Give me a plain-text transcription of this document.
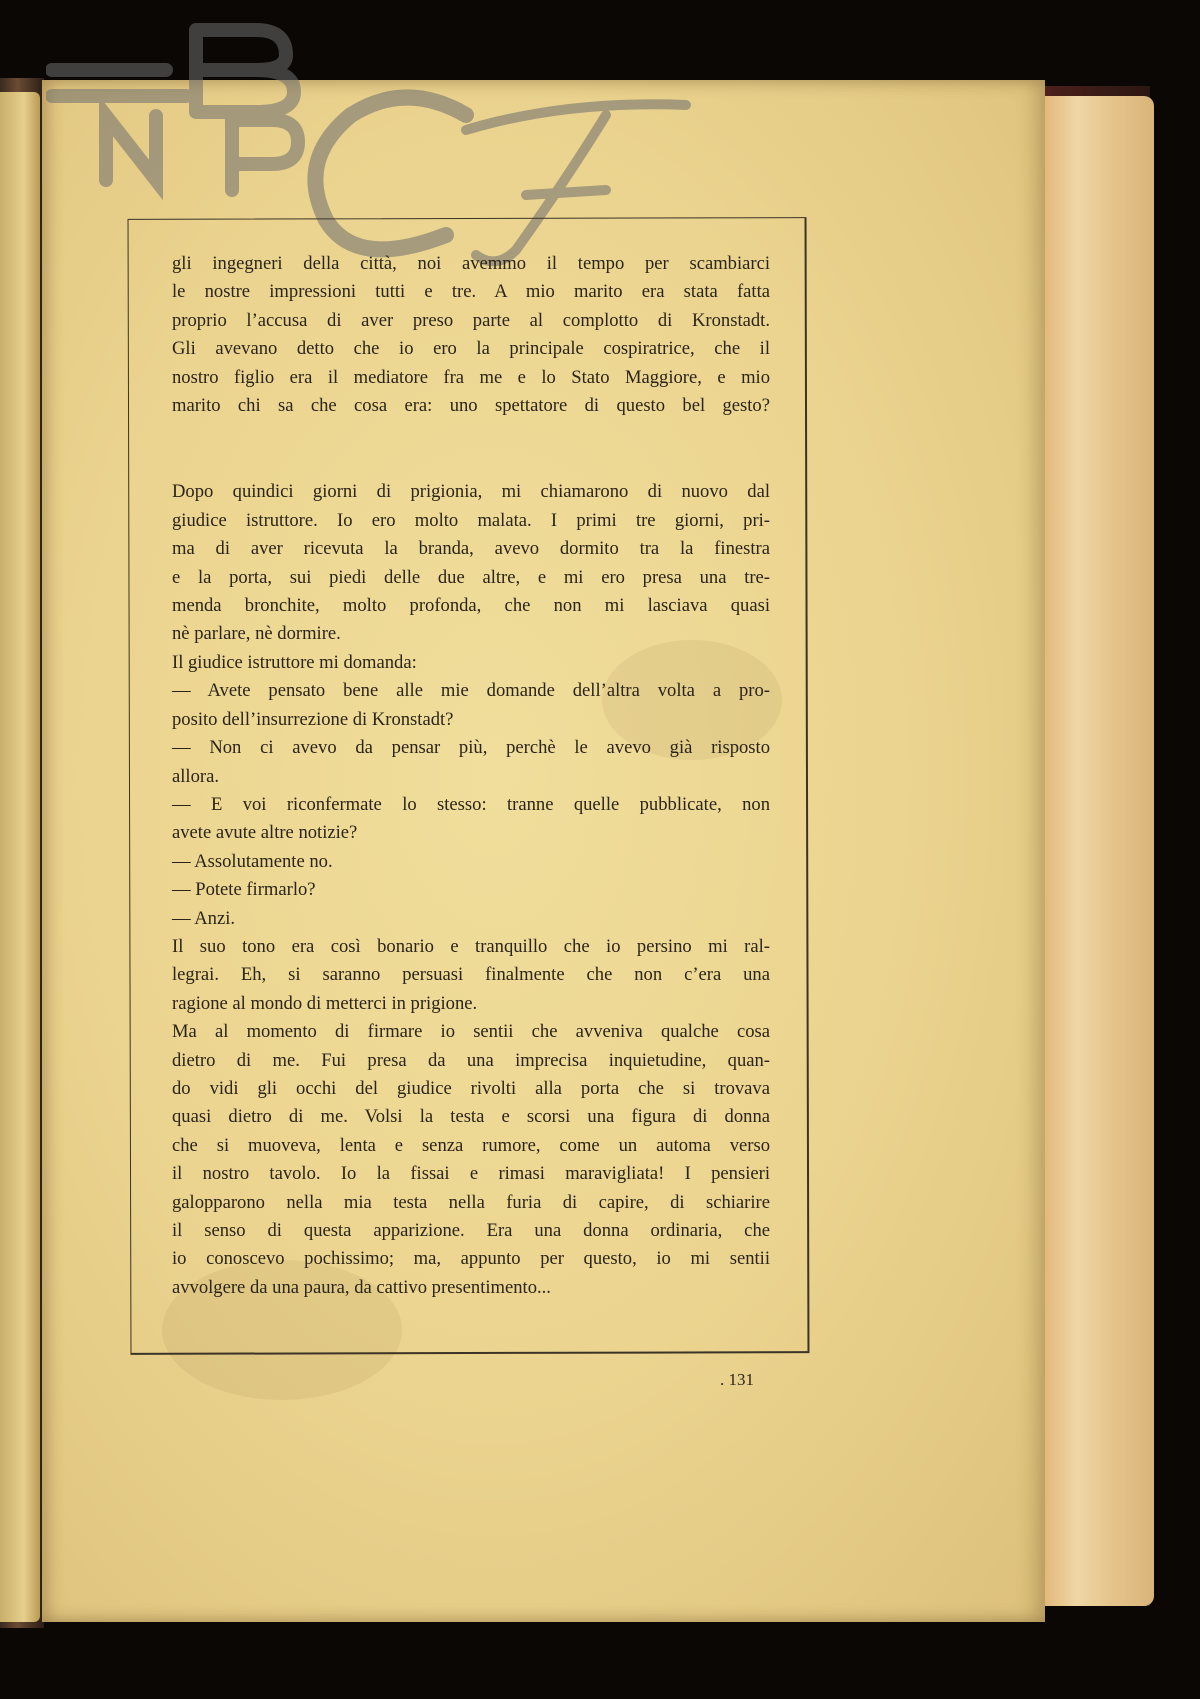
gli ingegneri della città, noi avemmo il tempo per scambiarci
le nostre impressioni tutti e tre. A mio marito era stata fatta
proprio l’accusa di aver preso parte al complotto di Kronstadt.
Gli avevano detto che io ero la principale cospiratrice, che il
nostro figlio era il mediatore fra me e lo Stato Maggiore, e mio
marito chi sa che cosa era: uno spettatore di questo bel gesto?
Dopo quindici giorni di prigionia, mi chiamarono di nuovo dal
giudice istruttore. Io ero molto malata. I primi tre giorni, pri-
ma di aver ricevuta la branda, avevo dormito tra la finestra
e la porta, sui piedi delle due altre, e mi ero presa una tre-
menda bronchite, molto profonda, che non mi lasciava quasi
nè parlare, nè dormire.
Il giudice istruttore mi domanda:
— Avete pensato bene alle mie domande dell’altra volta a pro-
posito dell’insurrezione di Kronstadt?
— Non ci avevo da pensar più, perchè le avevo già risposto
allora.
— E voi riconfermate lo stesso: tranne quelle pubblicate, non
avete avute altre notizie?
— Assolutamente no.
— Potete firmarlo?
— Anzi.
Il suo tono era così bonario e tranquillo che io persino mi ral-
legrai. Eh, si saranno persuasi finalmente che non c’era una
ragione al mondo di metterci in prigione.
Ma al momento di firmare io sentii che avveniva qualche cosa
dietro di me. Fui presa da una imprecisa inquietudine, quan-
do vidi gli occhi del giudice rivolti alla porta che si trovava
quasi dietro di me. Volsi la testa e scorsi una figura di donna
che si muoveva, lenta e senza rumore, come un automa verso
il nostro tavolo. Io la fissai e rimasi maravigliata! I pensieri
galopparono nella mia testa nella furia di capire, di schiarire
il senso di questa apparizione. Era una donna ordinaria, che
io conoscevo pochissimo; ma, appunto per questo, io mi sentii
avvolgere da una paura, da cattivo presentimento...
. 131
